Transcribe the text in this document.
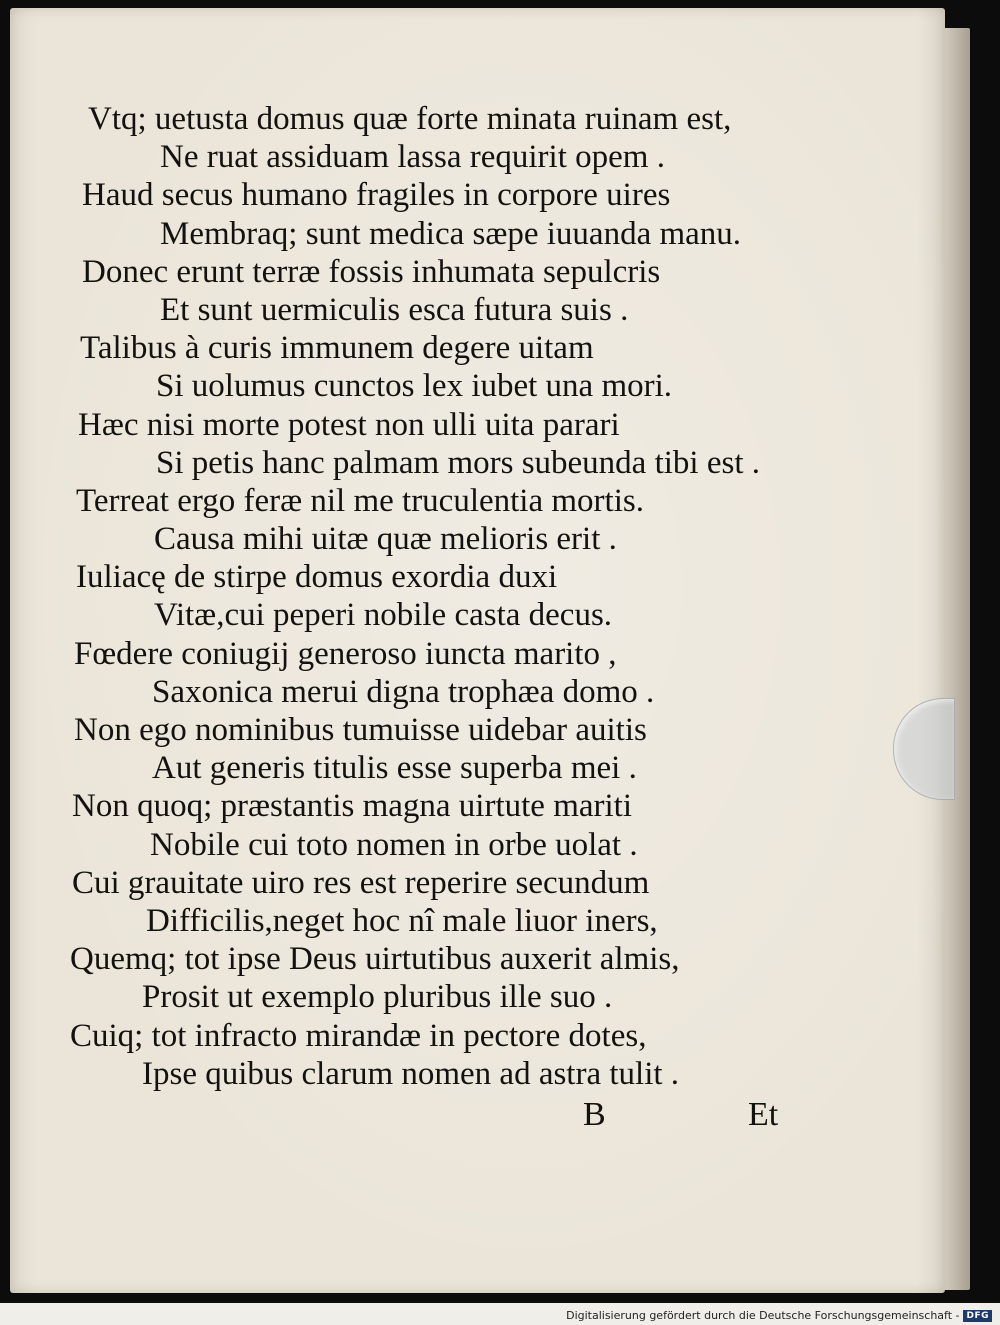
Vtq; uetusta domus quæ forte minata ruinam est,
Ne ruat assiduam lassa requirit opem .
Haud secus humano fragiles in corpore uires
Membraq; sunt medica sæpe iuuanda manu.
Donec erunt terræ fossis inhumata sepulcris
Et sunt uermiculis esca futura suis .
Talibus à curis immunem degere uitam
Si uolumus cunctos lex iubet una mori.
Hæc nisi morte potest non ulli uita parari
Si petis hanc palmam mors subeunda tibi est .
Terreat ergo feræ nil me truculentia mortis.
Causa mihi uitæ quæ melioris erit .
Iuliacę de stirpe domus exordia duxi
Vitæ,cui peperi nobile casta decus.
Fœdere coniugij generoso iuncta marito ,
Saxonica merui digna trophæa domo .
Non ego nominibus tumuisse uidebar auitis
Aut generis titulis esse superba mei .
Non quoq; præstantis magna uirtute mariti
Nobile cui toto nomen in orbe uolat .
Cui grauitate uiro res est reperire secundum
Difficilis,neget hoc nî male liuor iners,
Quemq; tot ipse Deus uirtutibus auxerit almis,
Prosit ut exemplo pluribus ille suo .
Cuiq; tot infracto mirandæ in pectore dotes,
Ipse quibus clarum nomen ad astra tulit .
B	Et
Digitalisierung gefördert durch die Deutsche Forschungsgemeinschaft - DFG
